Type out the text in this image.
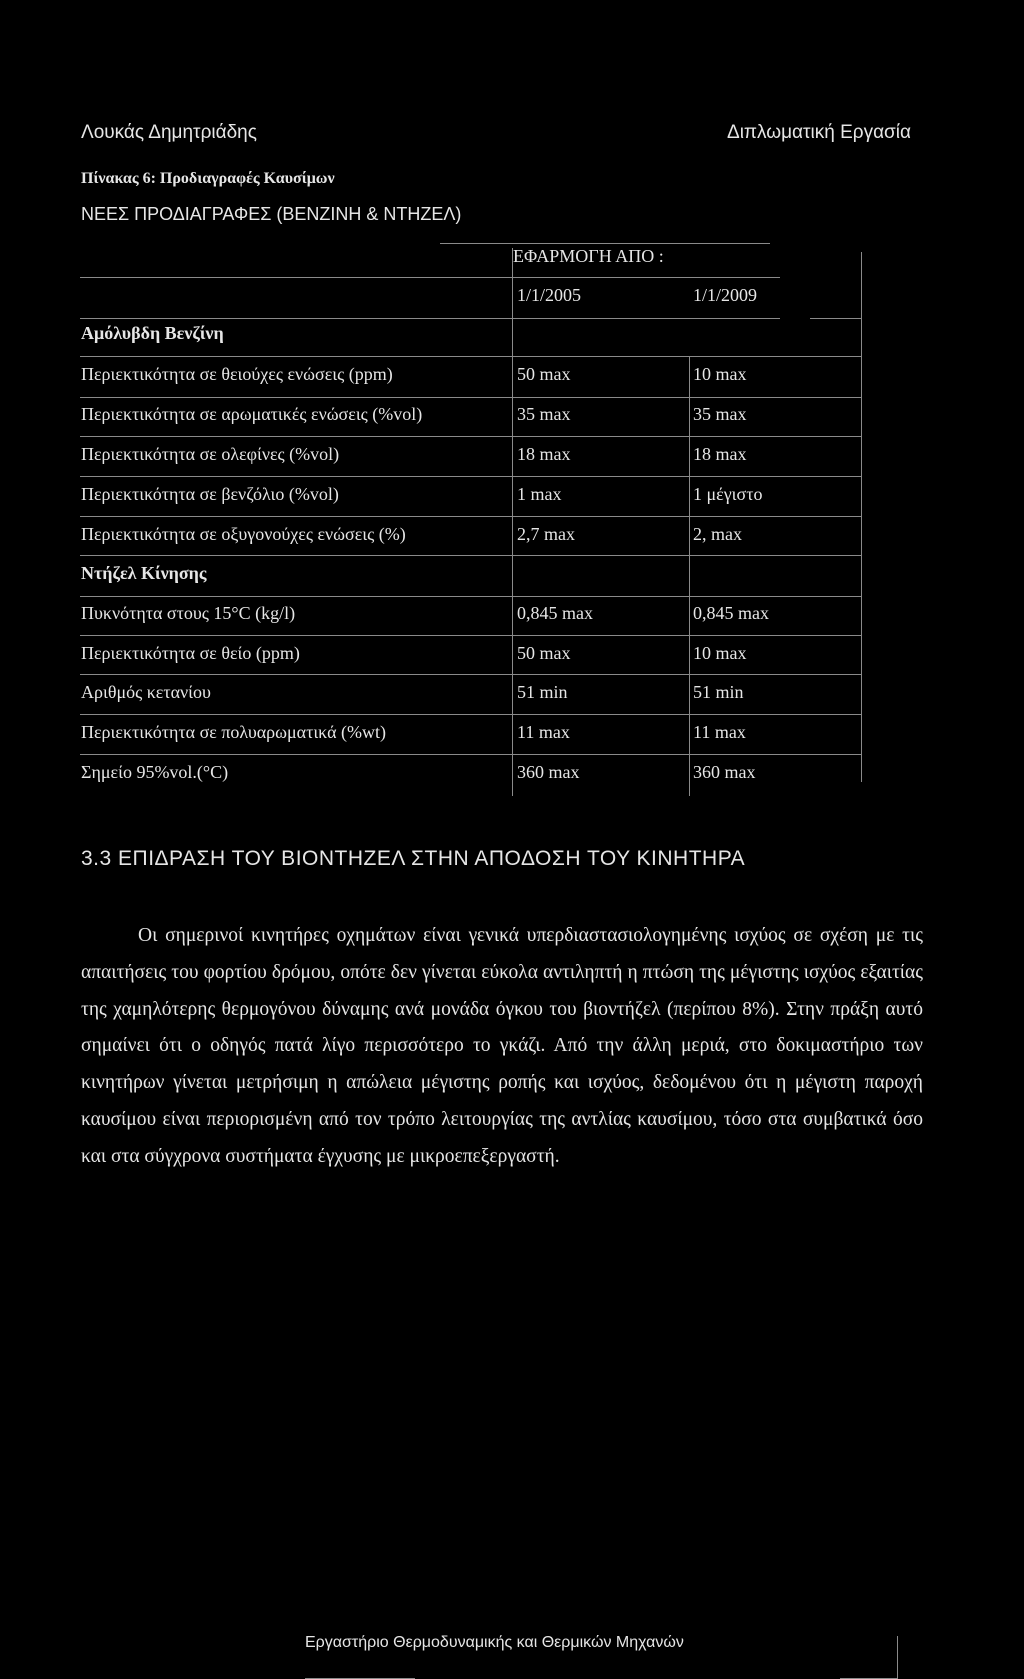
Λουκάς Δημητριάδης	Διπλωματική Εργασία
Πίνακας 6: Προδιαγραφές Καυσίμων
ΝΕΕΣ ΠΡΟΔΙΑΓΡΑΦΕΣ (ΒΕΝΖΙΝΗ & ΝΤΗΖΕΛ)
ΕΦΑΡΜΟΓΗ ΑΠΟ :
1/1/2005	1/1/2009
Αμόλυβδη Βενζίνη
Περιεκτικότητα σε θειούχες ενώσεις (ppm)	50 max	10 max
Περιεκτικότητα σε αρωματικές ενώσεις (%vol)	35 max	35 max
Περιεκτικότητα σε ολεφίνες (%vol)	18 max	18 max
Περιεκτικότητα σε βενζόλιο (%vol)	1 max	1 μέγιστο
Περιεκτικότητα σε οξυγονούχες ενώσεις (%)	2,7 max	2, max
Ντήζελ Κίνησης
Πυκνότητα στους 15°C (kg/l)	0,845 max	0,845 max
Περιεκτικότητα σε θείο (ppm)	50 max	10 max
Αριθμός κετανίου	51 min	51 min
Περιεκτικότητα σε πολυαρωματικά (%wt)	11 max	11 max
Σημείο 95%vol.(°C)	360 max	360 max
3.3 ΕΠΙΔΡΑΣΗ ΤΟΥ ΒΙΟΝΤΗΖΕΛ ΣΤΗΝ ΑΠΟΔΟΣΗ ΤΟΥ ΚΙΝΗΤΗΡΑ

Οι σημερινοί κινητήρες οχημάτων είναι γενικά υπερδιαστασιολογημένης ισχύος σε σχέση με τις απαιτήσεις του φορτίου δρόμου, οπότε δεν γίνεται εύκολα αντιληπτή η πτώση της μέγιστης ισχύος εξαιτίας της χαμηλότερης θερμογόνου δύναμης ανά μονάδα όγκου του βιοντήζελ (περίπου 8%). Στην πράξη αυτό σημαίνει ότι ο οδηγός πατά λίγο περισσότερο το γκάζι. Από την άλλη μεριά, στο δοκιμαστήριο των κινητήρων γίνεται μετρήσιμη η απώλεια μέγιστης ροπής και ισχύος, δεδομένου ότι η μέγιστη παροχή καυσίμου είναι περιορισμένη από τον τρόπο λειτουργίας της αντλίας καυσίμου, τόσο στα συμβατικά όσο και στα σύγχρονα συστήματα έγχυσης με μικροεπεξεργαστή.

Εργαστήριο Θερμοδυναμικής και Θερμικών Μηχανών
